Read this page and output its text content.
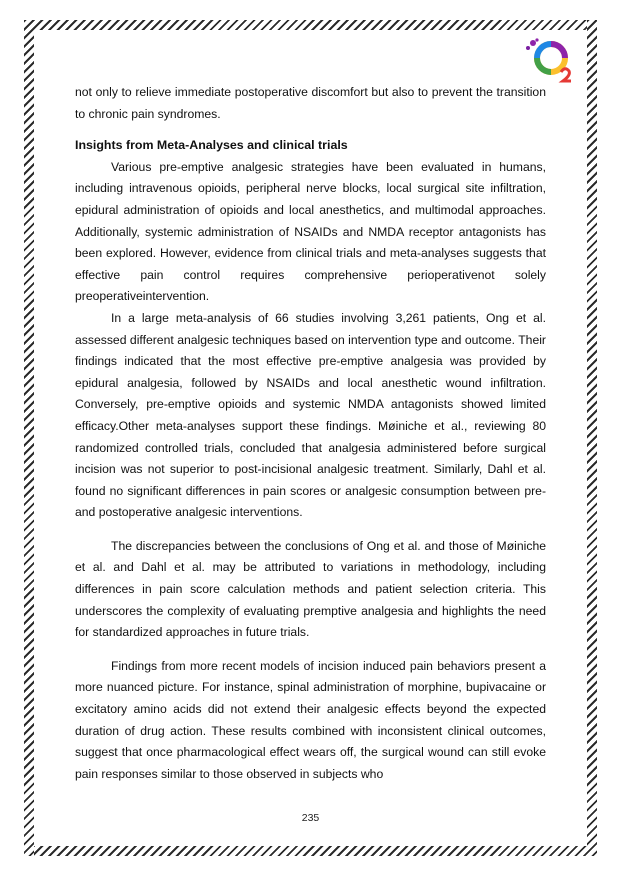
not only to relieve immediate postoperative discomfort but also to prevent the transition to chronic pain syndromes.

Insights from Meta-Analyses and clinical trials

Various pre-emptive analgesic strategies have been evaluated in humans, including intravenous opioids, peripheral nerve blocks, local surgical site infiltration, epidural administration of opioids and local anesthetics, and multimodal approaches. Additionally, systemic administration of NSAIDs and NMDA receptor antagonists has been explored. However, evidence from clinical trials and meta-analyses suggests that effective pain control requires comprehensive perioperativenot solely preoperativeintervention.

In a large meta-analysis of 66 studies involving 3,261 patients, Ong et al. assessed different analgesic techniques based on intervention type and outcome. Their findings indicated that the most effective pre-emptive analgesia was provided by epidural analgesia, followed by NSAIDs and local anesthetic wound infiltration. Conversely, pre-emptive opioids and systemic NMDA antagonists showed limited efficacy.Other meta-analyses support these findings. Møiniche et al., reviewing 80 randomized controlled trials, concluded that analgesia administered before surgical incision was not superior to post-incisional analgesic treatment. Similarly, Dahl et al. found no significant differences in pain scores or analgesic consumption between pre- and postoperative analgesic interventions.

The discrepancies between the conclusions of Ong et al. and those of Møiniche et al. and Dahl et al. may be attributed to variations in methodology, including differences in pain score calculation methods and patient selection criteria. This underscores the complexity of evaluating premptive analgesia and highlights the need for standardized approaches in future trials.

Findings from more recent models of incision induced pain behaviors present a more nuanced picture. For instance, spinal administration of morphine, bupivacaine or excitatory amino acids did not extend their analgesic effects beyond the expected duration of drug action. These results combined with inconsistent clinical outcomes, suggest that once pharmacological effect wears off, the surgical wound can still evoke pain responses similar to those observed in subjects who

235
